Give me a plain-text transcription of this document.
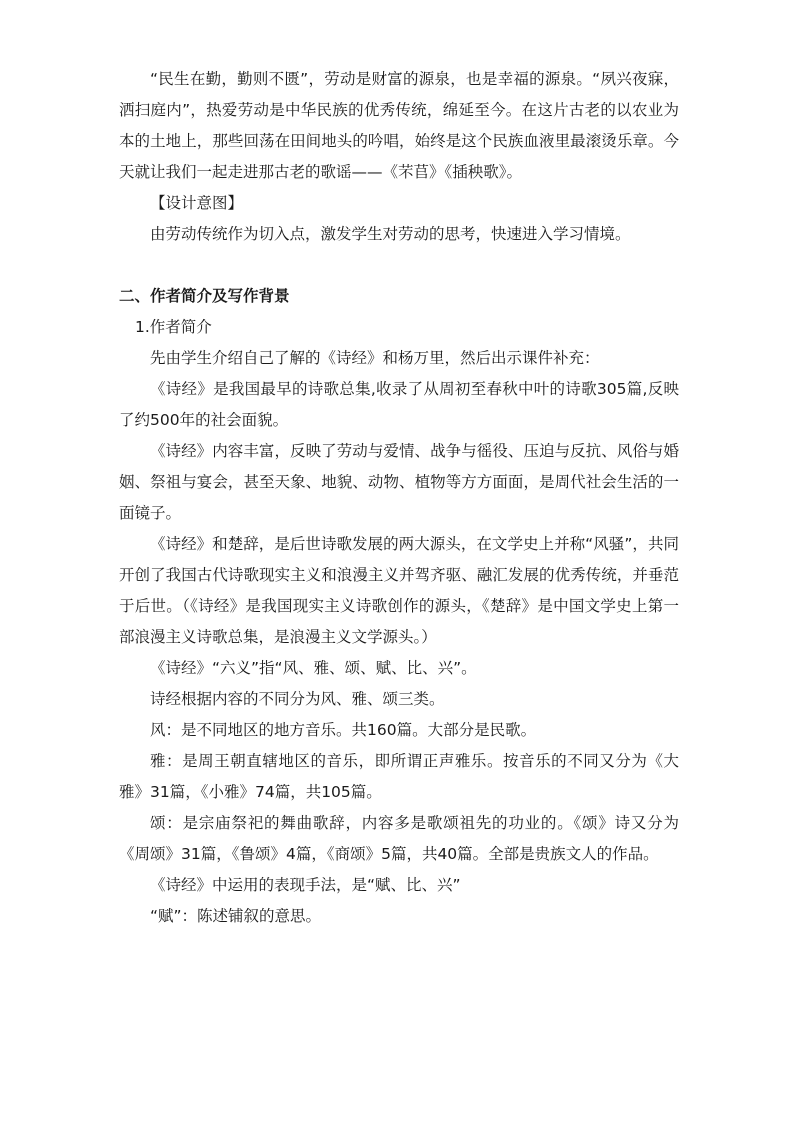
“民生在勤，勤则不匮”，劳动是财富的源泉，也是幸福的源泉。“夙兴夜寐，洒扫庭内”，热爱劳动是中华民族的优秀传统，绵延至今。在这片古老的以农业为本的土地上，那些回荡在田间地头的吟唱，始终是这个民族血液里最滚烫乐章。今天就让我们一起走进那古老的歌谣——《芣苢》《插秧歌》。

【设计意图】

由劳动传统作为切入点，激发学生对劳动的思考，快速进入学习情境。

二、作者简介及写作背景

1.作者简介

先由学生介绍自己了解的《诗经》和杨万里，然后出示课件补充：

《诗经》是我国最早的诗歌总集,收录了从周初至春秋中叶的诗歌305篇,反映了约500年的社会面貌。

《诗经》内容丰富，反映了劳动与爱情、战争与徭役、压迫与反抗、风俗与婚姻、祭祖与宴会，甚至天象、地貌、动物、植物等方方面面，是周代社会生活的一面镜子。

《诗经》和楚辞，是后世诗歌发展的两大源头，在文学史上并称“风骚”，共同开创了我国古代诗歌现实主义和浪漫主义并驾齐驱、融汇发展的优秀传统，并垂范于后世。（《诗经》是我国现实主义诗歌创作的源头，《楚辞》是中国文学史上第一部浪漫主义诗歌总集，是浪漫主义文学源头。）

《诗经》“六义”指“风、雅、颂、赋、比、兴”。

诗经根据内容的不同分为风、雅、颂三类。

风：是不同地区的地方音乐。共160篇。大部分是民歌。

雅：是周王朝直辖地区的音乐，即所谓正声雅乐。按音乐的不同又分为《大雅》31篇，《小雅》74篇，共105篇。

颂：是宗庙祭祀的舞曲歌辞，内容多是歌颂祖先的功业的。《颂》诗又分为《周颂》31篇，《鲁颂》4篇，《商颂》5篇，共40篇。全部是贵族文人的作品。

《诗经》中运用的表现手法，是“赋、比、兴”

“赋”：陈述铺叙的意思。
